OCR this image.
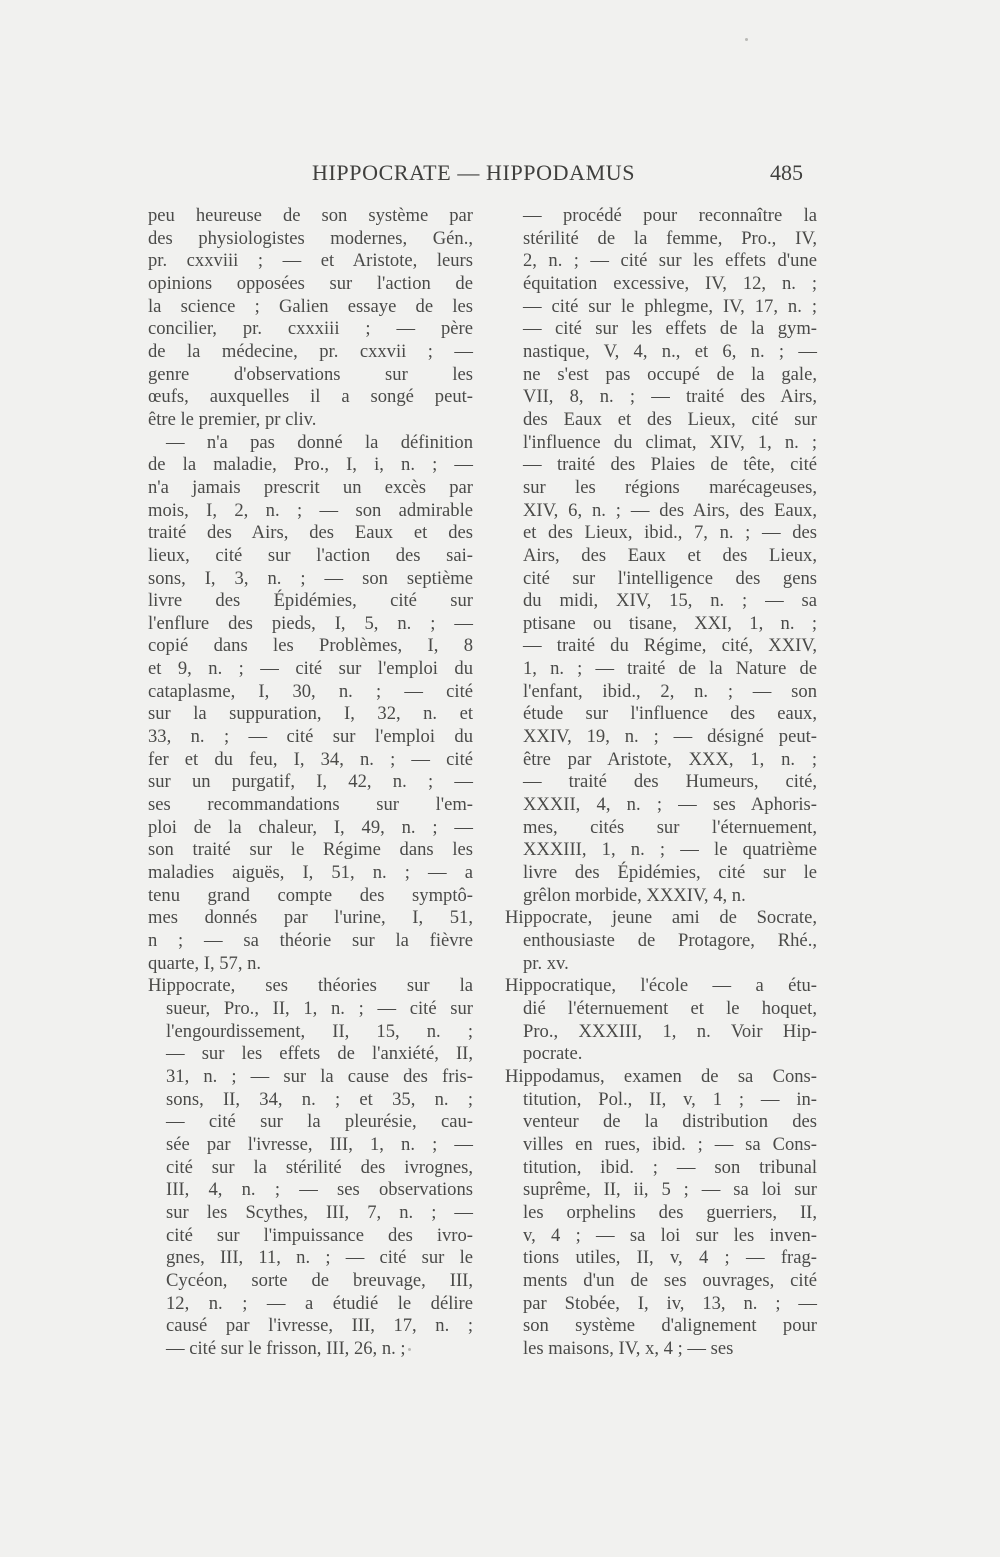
HIPPOCRATE — HIPPODAMUS	485
peu heureuse de son système par
des physiologistes modernes, Gén.,
pr. cxxviii ; — et Aristote, leurs
opinions opposées sur l'action de
la science ; Galien essaye de les
concilier, pr. cxxxiii ; — père
de la médecine, pr. cxxvii ; —
genre d'observations sur les
œufs, auxquelles il a songé peut-
être le premier, pr cliv.
— n'a pas donné la définition
de la maladie, Pro., I, i, n. ; —
n'a jamais prescrit un excès par
mois, I, 2, n. ; — son admirable
traité des Airs, des Eaux et des
lieux, cité sur l'action des sai-
sons, I, 3, n. ; — son septième
livre des Épidémies, cité sur
l'enflure des pieds, I, 5, n. ; —
copié dans les Problèmes, I, 8
et 9, n. ; — cité sur l'emploi du
cataplasme, I, 30, n. ; — cité
sur la suppuration, I, 32, n. et
33, n. ; — cité sur l'emploi du
fer et du feu, I, 34, n. ; — cité
sur un purgatif, I, 42, n. ; —
ses recommandations sur l'em-
ploi de la chaleur, I, 49, n. ; —
son traité sur le Régime dans les
maladies aiguës, I, 51, n. ; — a
tenu grand compte des symptô-
mes donnés par l'urine, I, 51,
n ; — sa théorie sur la fièvre
quarte, I, 57, n.
Hippocrate, ses théories sur la
sueur, Pro., II, 1, n. ; — cité sur
l'engourdissement, II, 15, n. ;
— sur les effets de l'anxiété, II,
31, n. ; — sur la cause des fris-
sons, II, 34, n. ; et 35, n. ;
— cité sur la pleurésie, cau-
sée par l'ivresse, III, 1, n. ; —
cité sur la stérilité des ivrognes,
III, 4, n. ; — ses observations
sur les Scythes, III, 7, n. ; —
cité sur l'impuissance des ivro-
gnes, III, 11, n. ; — cité sur le
Cycéon, sorte de breuvage, III,
12, n. ; — a étudié le délire
causé par l'ivresse, III, 17, n. ;
— cité sur le frisson, III, 26, n. ;
— procédé pour reconnaître la
stérilité de la femme, Pro., IV,
2, n. ; — cité sur les effets d'une
équitation excessive, IV, 12, n. ;
— cité sur le phlegme, IV, 17, n. ;
— cité sur les effets de la gym-
nastique, V, 4, n., et 6, n. ; —
ne s'est pas occupé de la gale,
VII, 8, n. ; — traité des Airs,
des Eaux et des Lieux, cité sur
l'influence du climat, XIV, 1, n. ;
— traité des Plaies de tête, cité
sur les régions marécageuses,
XIV, 6, n. ; — des Airs, des Eaux,
et des Lieux, ibid., 7, n. ; — des
Airs, des Eaux et des Lieux,
cité sur l'intelligence des gens
du midi, XIV, 15, n. ; — sa
ptisane ou tisane, XXI, 1, n. ;
— traité du Régime, cité, XXIV,
1, n. ; — traité de la Nature de
l'enfant, ibid., 2, n. ; — son
étude sur l'influence des eaux,
XXIV, 19, n. ; — désigné peut-
être par Aristote, XXX, 1, n. ;
— traité des Humeurs, cité,
XXXII, 4, n. ; — ses Aphoris-
mes, cités sur l'éternuement,
XXXIII, 1, n. ; — le quatrième
livre des Épidémies, cité sur le
grêlon morbide, XXXIV, 4, n.
Hippocrate, jeune ami de Socrate,
enthousiaste de Protagore, Rhé.,
pr. xv.
Hippocratique, l'école — a étu-
dié l'éternuement et le hoquet,
Pro., XXXIII, 1, n. Voir Hip-
pocrate.
Hippodamus, examen de sa Cons-
titution, Pol., II, v, 1 ; — in-
venteur de la distribution des
villes en rues, ibid. ; — sa Cons-
titution, ibid. ; — son tribunal
suprême, II, ii, 5 ; — sa loi sur
les orphelins des guerriers, II,
v, 4 ; — sa loi sur les inven-
tions utiles, II, v, 4 ; — frag-
ments d'un de ses ouvrages, cité
par Stobée, I, iv, 13, n. ; —
son système d'alignement pour
les maisons, IV, x, 4 ; — ses
